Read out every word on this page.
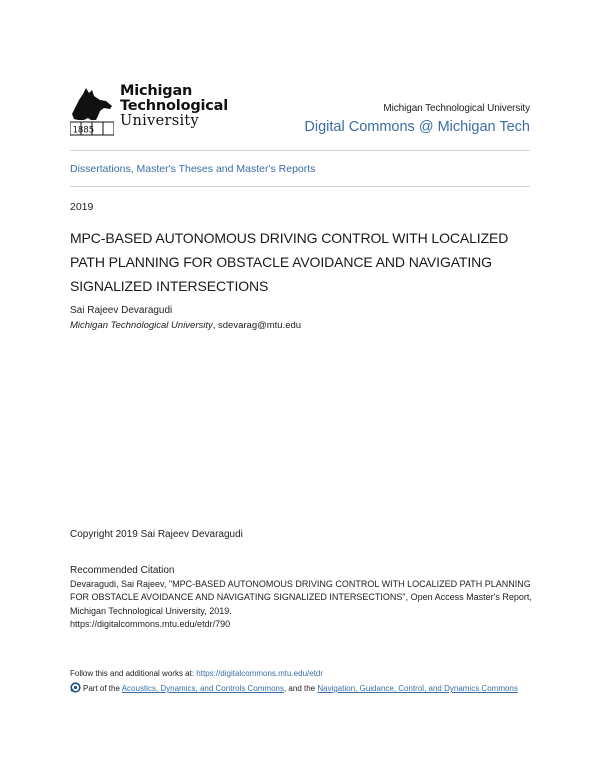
1885
Michigan
Technological
University
Michigan Technological University
Digital Commons @ Michigan Tech
Dissertations, Master's Theses and Master's Reports
2019
MPC-BASED AUTONOMOUS DRIVING CONTROL WITH LOCALIZED PATH PLANNING FOR OBSTACLE AVOIDANCE AND NAVIGATING SIGNALIZED INTERSECTIONS
Sai Rajeev Devaragudi
Michigan Technological University, sdevarag@mtu.edu
Copyright 2019 Sai Rajeev Devaragudi
Recommended Citation
Devaragudi, Sai Rajeev, "MPC-BASED AUTONOMOUS DRIVING CONTROL WITH LOCALIZED PATH PLANNING FOR OBSTACLE AVOIDANCE AND NAVIGATING SIGNALIZED INTERSECTIONS", Open Access Master's Report, Michigan Technological University, 2019.
https://digitalcommons.mtu.edu/etdr/790
Follow this and additional works at: https://digitalcommons.mtu.edu/etdr
Part of the Acoustics, Dynamics, and Controls Commons, and the Navigation, Guidance, Control, and Dynamics Commons
